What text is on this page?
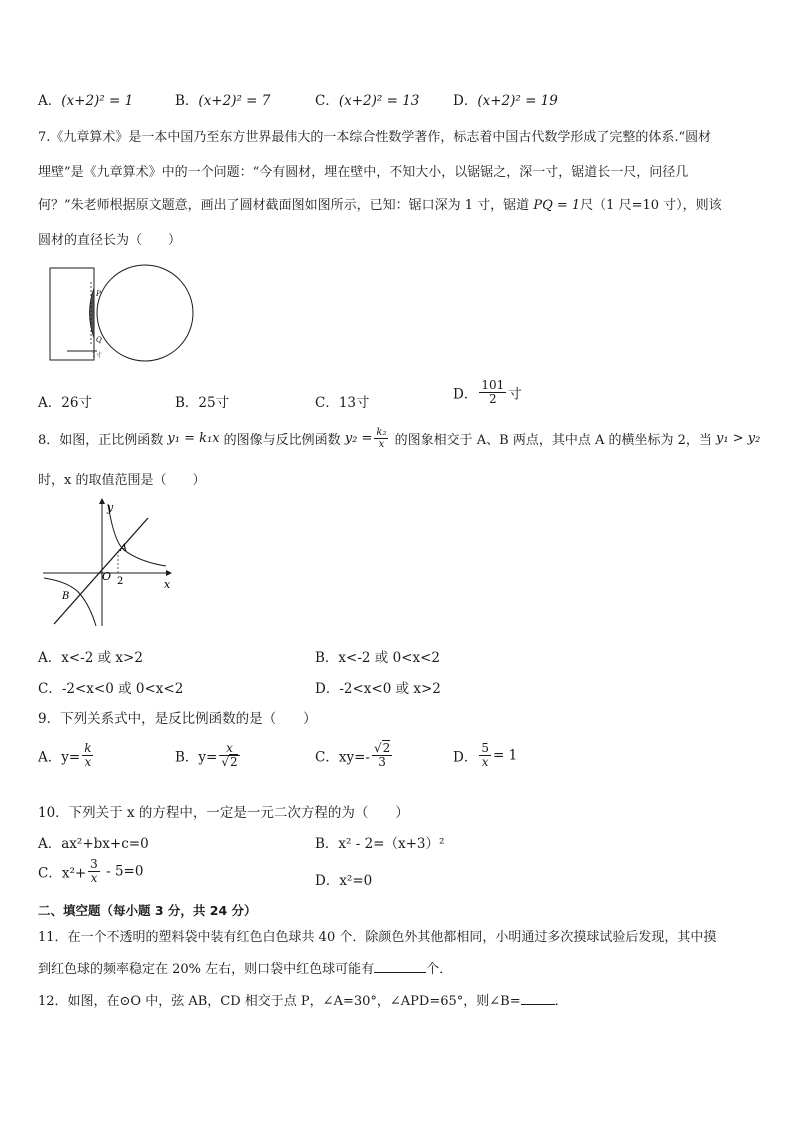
A．(x+2)² = 1	B．(x+2)² = 7	C．(x+2)² = 13 D．(x+2)² = 19
7.《九章算术》是一本中国乃至东方世界最伟大的一本综合性数学著作，标志着中国古代数学形成了完整的体系.“圆材
埋壁”是《九章算术》中的一个问题：“今有圆材，埋在壁中，不知大小，以锯锯之，深一寸，锯道长一尺，问径几
何？”朱老师根据原文题意，画出了圆材截面图如图所示，已知：锯口深为 1 寸，锯道 PQ = 1尺（1 尺=10 寸），则该
圆材的直径长为（　　）
P
Q
1寸
A．26寸	B．25寸	C．13寸
D． $\frac{101}{2}$ 寸
8．如图，正比例函数 y₁ = k₁x 的图像与反比例函数 $y_2 = \frac{\text{k₂}}{x}$ 的图象相交于 A、B 两点，其中点 A 的横坐标为 2，当 y₁ > y₂
时，x 的取值范围是（　　）
y
x
O
A
B
2
A．x<-2 或 x>2	B．x<-2 或 0<x<2
C．-2<x<0 或 0<x<2	D．-2<x<0 或 x>2
9．下列关系式中，是反比例函数的是（　　）
A．$y= \frac{k}{x}$	B．$y= \frac{x}{√2}$	C．$xy=- \frac{√2}{3}$	D． $\frac{5}{x} = 1$
10．下列关于 x 的方程中，一定是一元二次方程的为（　　）
A．ax²+bx+c=0	B．x² - 2=（x+3）²
C．$x^2+ \frac{3}{x} - 5=0$
D．x²=0
二、填空题（每小题 3 分，共 24 分）
11．在一个不透明的塑料袋中装有红色白色球共 40 个．除颜色外其他都相同，小明通过多次摸球试验后发现，其中摸
到红色球的频率稳定在 20% 左右，则口袋中红色球可能有	个．
12．如图，在⊙O 中，弦 AB，CD 相交于点 P，∠A=30°，∠APD=65°，则∠B=	．
